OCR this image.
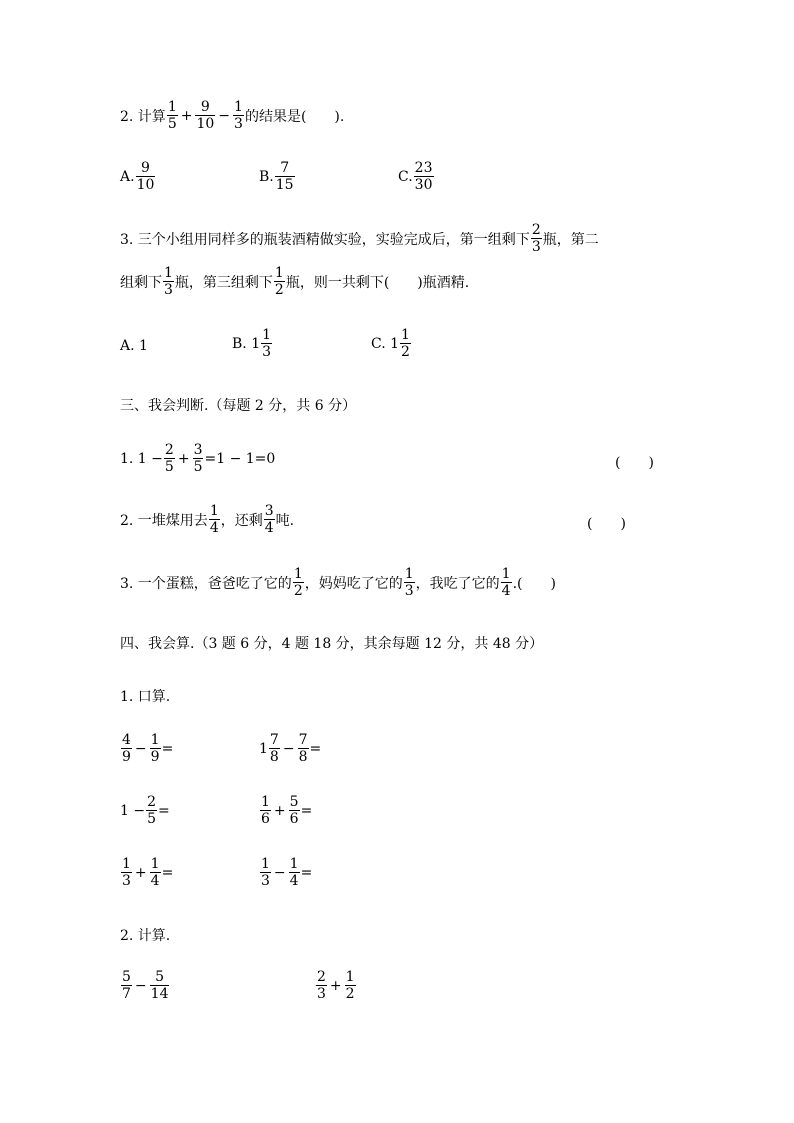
2. 计算 $\frac{1}{5} + \frac{9}{10} - \frac{1}{3}$ 的结果是(　　).
A. $\frac{9}{10}$	B. $\frac{7}{15}$	C. $\frac{23}{30}$
3. 三个小组用同样多的瓶装酒精做实验，实验完成后，第一组剩下 $\frac{2}{3}$ 瓶，第二
组剩下 $\frac{1}{3}$ 瓶，第三组剩下 $\frac{1}{2}$ 瓶，则一共剩下(　　)瓶酒精.
A. 1	B. $1 \frac{1}{3}$	C. $1 \frac{1}{2}$
三、我会判断.（每题 2 分，共 6 分）
1. $1 - \frac{2}{5} + \frac{3}{5} =1 - 1=0$	(　　)
2. 一堆煤用去 $\frac{1}{4}$ ，还剩 $\frac{3}{4}$ 吨.	(　　)
3. 一个蛋糕，爸爸吃了它的 $\frac{1}{2}$ ，妈妈吃了它的 $\frac{1}{3}$ ，我吃了它的 $\frac{1}{4}$ .(　　)
四、我会算.（3 题 6 分，4 题 18 分，其余每题 12 分，共 48 分）
1. 口算.
$\frac{4}{9} - \frac{1}{9}$ =	$1 \frac{7}{8} - \frac{7}{8}$ =
$1 - \frac{2}{5}$ =	$\frac{1}{6} + \frac{5}{6}$ =
$\frac{1}{3} + \frac{1}{4}$ =	$\frac{1}{3} - \frac{1}{4}$ =
2. 计算.
$\frac{5}{7} - \frac{5}{14}$	$\frac{2}{3} + \frac{1}{2}$
